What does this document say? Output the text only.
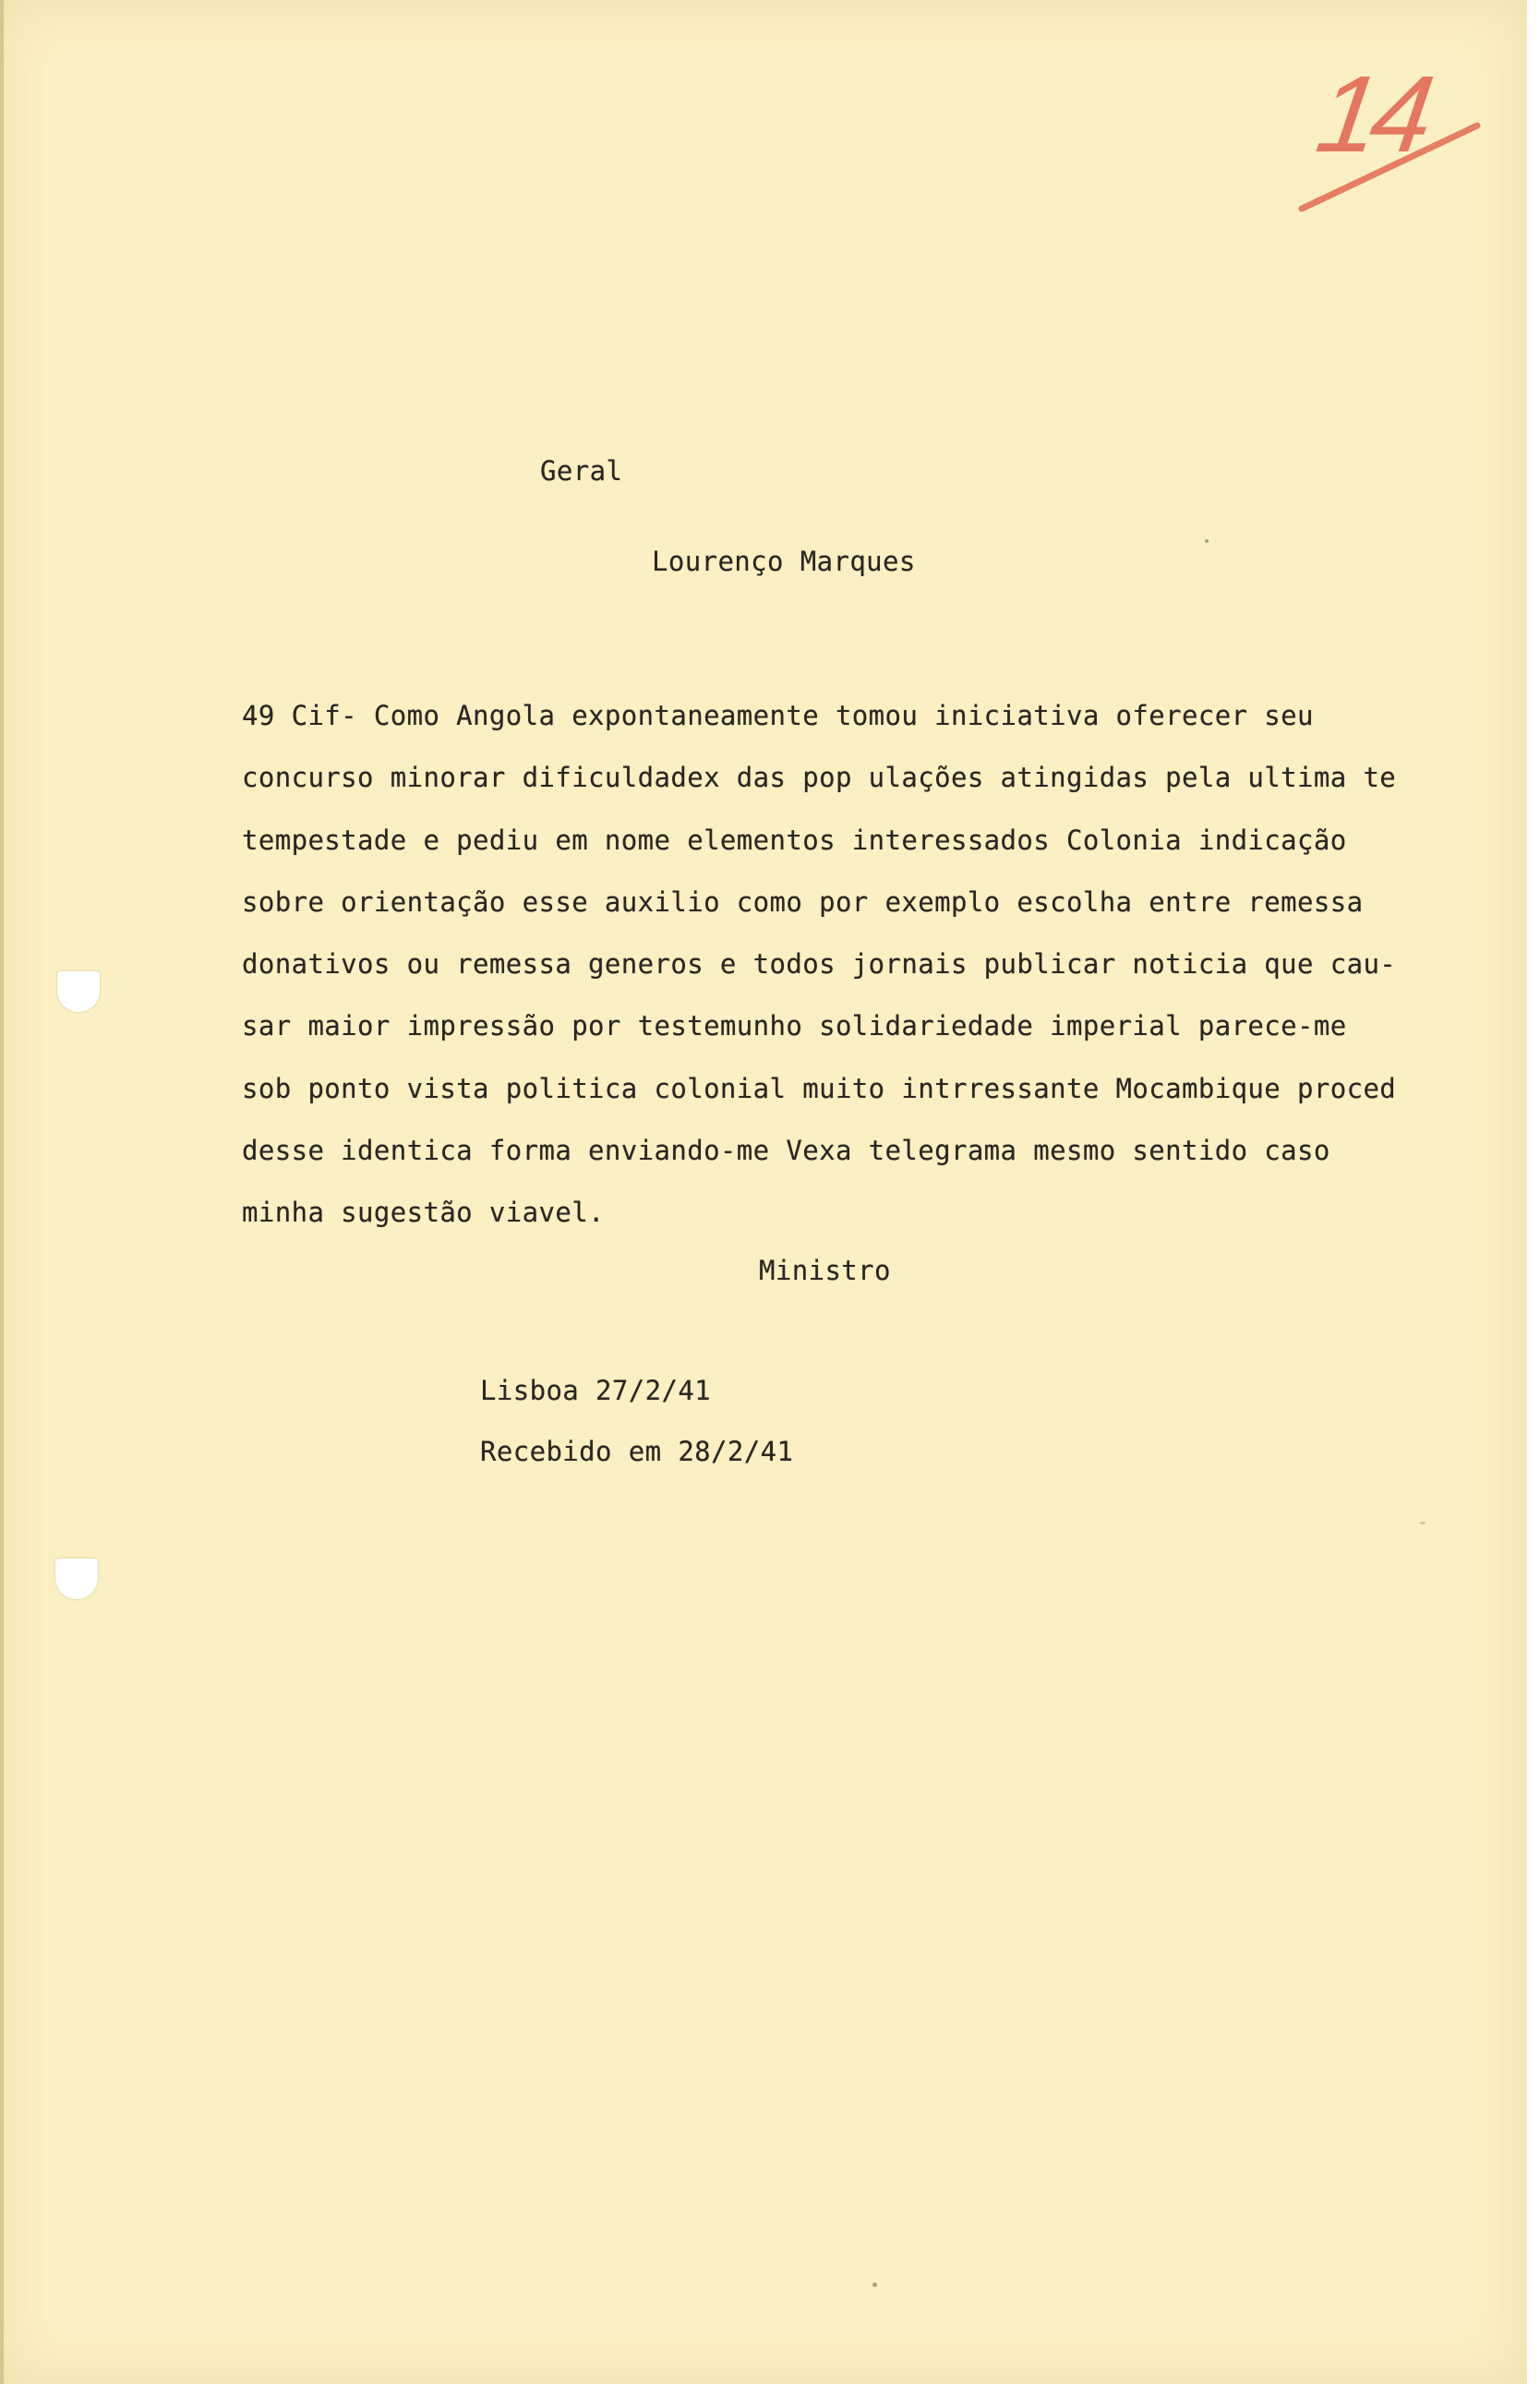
14
Geral
Lourenço Marques
49 Cif- Como Angola expontaneamente tomou iniciativa oferecer seu
concurso minorar dificuldadex das pop ulações atingidas pela ultima te
tempestade e pediu em nome elementos interessados Colonia indicação
sobre orientação esse auxilio como por exemplo escolha entre remessa
donativos ou remessa generos e todos jornais publicar noticia que cau-
sar maior impressão por testemunho solidariedade imperial parece-me
sob ponto vista politica colonial muito intrressante Mocambique proced
desse identica forma enviando-me Vexa telegrama mesmo sentido caso
minha sugestão viavel.
Ministro
Lisboa 27/2/41
Recebido em 28/2/41
